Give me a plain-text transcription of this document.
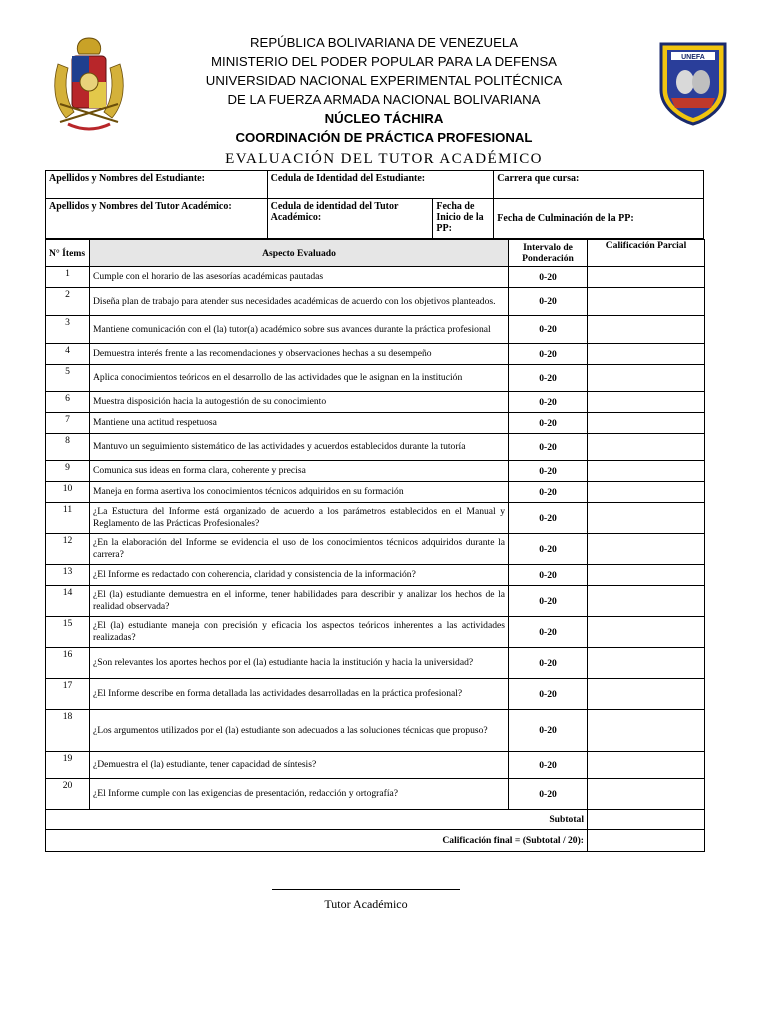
UNEFA
REPÚBLICA BOLIVARIANA DE VENEZUELA
MINISTERIO DEL PODER POPULAR PARA LA DEFENSA
UNIVERSIDAD NACIONAL EXPERIMENTAL POLITÉCNICA
DE LA FUERZA ARMADA NACIONAL BOLIVARIANA
NÚCLEO TÁCHIRA
COORDINACIÓN DE PRÁCTICA PROFESIONAL
EVALUACIÓN DEL TUTOR ACADÉMICO
Apellidos y Nombres del Estudiante:	Cedula de Identidad del Estudiante:		Carrera que cursa:
Apellidos y Nombres del Tutor Académico:	Cedula de identidad del Tutor Académico:	Fecha de Inicio de la PP:	Fecha de Culminación de la PP:
N° Ítems	Aspecto Evaluado	Intervalo de Ponderación	Calificación Parcial
1	Cumple con el horario de las asesorías académicas pautadas	0-20	
2	Diseña plan de trabajo para atender sus necesidades académicas de acuerdo con los objetivos planteados.	0-20	
3	Mantiene comunicación con el (la) tutor(a) académico sobre sus avances durante la práctica profesional	0-20	
4	Demuestra interés frente a las recomendaciones y observaciones hechas a su desempeño	0-20	
5	Aplica conocimientos teóricos en el desarrollo de las actividades que le asignan en la institución	0-20	
6	Muestra disposición hacia la autogestión de su conocimiento	0-20	
7	Mantiene una actitud respetuosa	0-20	
8	Mantuvo un seguimiento sistemático de las actividades y acuerdos establecidos durante la tutoría	0-20	
9	Comunica sus ideas en forma clara, coherente y precisa	0-20	
10	Maneja en forma asertiva los conocimientos técnicos adquiridos en su formación	0-20	
11	¿La Estuctura del Informe está organizado de acuerdo a los parámetros establecidos en el Manual y Reglamento de las Prácticas Profesionales?	0-20	
12	¿En la elaboración del Informe se evidencia el uso de los conocimientos técnicos adquiridos durante la carrera?	0-20	
13	¿El Informe es redactado con coherencia, claridad y consistencia de la información?	0-20	
14	¿El (la) estudiante demuestra en el informe, tener habilidades para describir y analizar los hechos de la realidad observada?	0-20	
15	¿El (la) estudiante maneja con precisión y eficacia los aspectos teóricos inherentes a las actividades realizadas?	0-20	
16	¿Son relevantes los aportes hechos por el (la) estudiante hacia la institución y hacia la universidad?	0-20	
17	¿El Informe describe en forma detallada las actividades desarrolladas en la práctica profesional?	0-20	
18	¿Los argumentos utilizados por el (la) estudiante son adecuados a las soluciones técnicas que propuso?	0-20	
19	¿Demuestra el (la) estudiante, tener capacidad de síntesis?	0-20	
20	¿El Informe cumple con las exigencias de presentación, redacción y ortografía?	0-20	
Subtotal			
Calificación final = (Subtotal / 20):			
Tutor Académico
